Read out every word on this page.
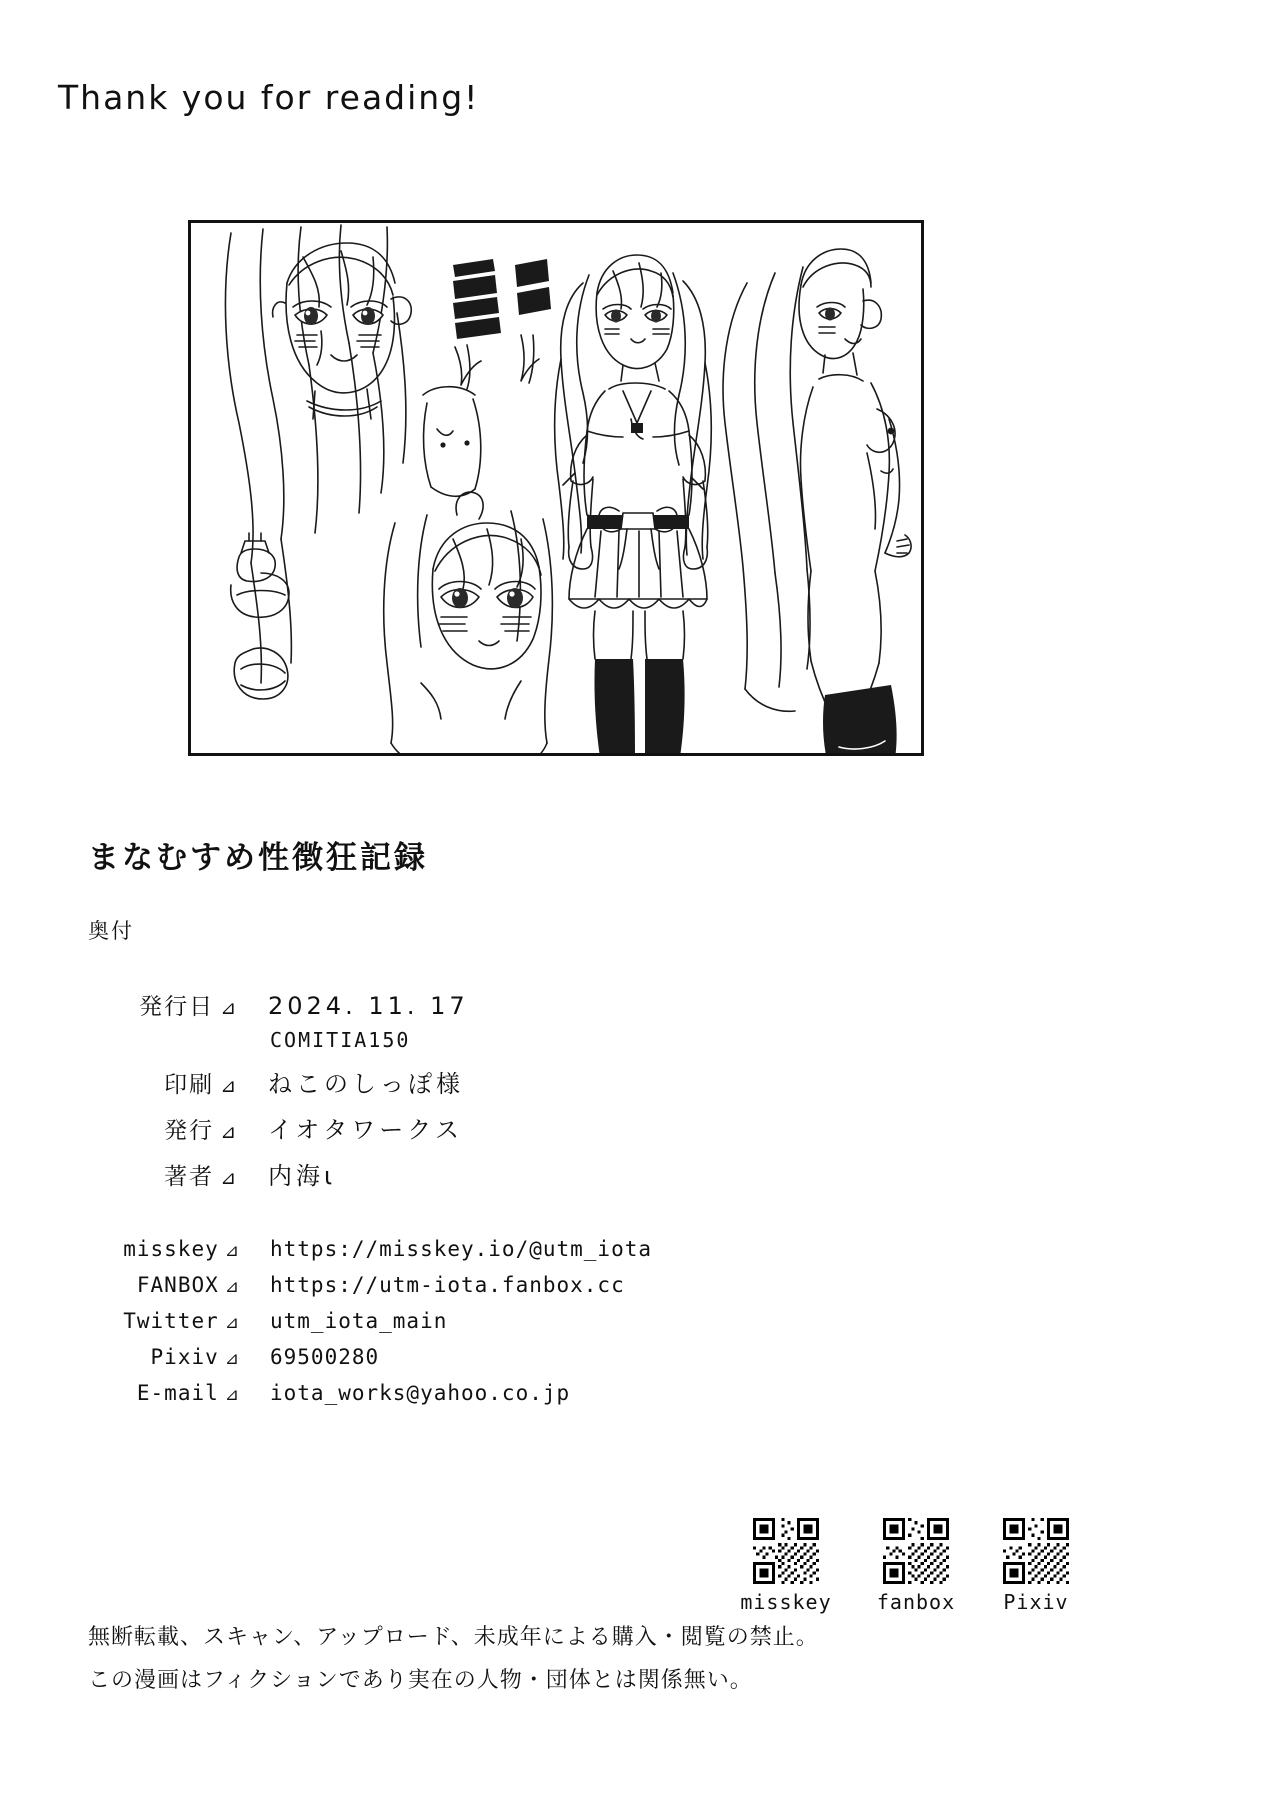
Thank you for reading!
まなむすめ性徴狂記録
奥付
発行日 ⊿ 2024. 11. 17
COMITIA150
印刷 ⊿ ねこのしっぽ様
発行 ⊿ イオタワークス
著者 ⊿ 内海ι
misskey ⊿ https://misskey.io/@utm_iota
FANBOX ⊿ https://utm-iota.fanbox.cc
Twitter ⊿ utm_iota_main
Pixiv ⊿ 69500280
E-mail ⊿ iota_works@yahoo.co.jp
misskey	fanbox	Pixiv
無断転載、スキャン、アップロード、未成年による購入・閲覧の禁止。
この漫画はフィクションであり実在の人物・団体とは関係無い。
